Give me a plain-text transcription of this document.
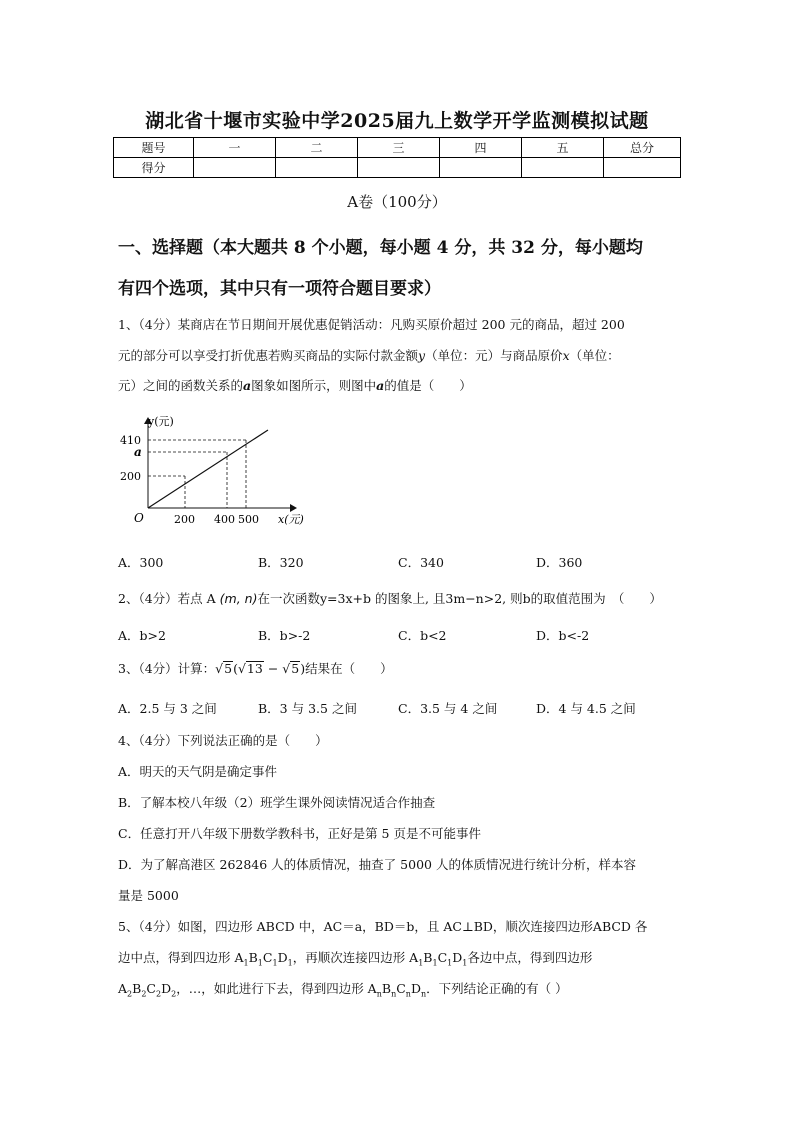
湖北省十堰市实验中学2025届九上数学开学监测模拟试题
题号	一	二	三	四	五	总分
得分						
A卷（100分）
一、选择题（本大题共 8 个小题，每小题 4 分，共 32 分，每小题均
有四个选项，其中只有一项符合题目要求）
1、（4分）某商店在节日期间开展优惠促销活动：凡购买原价超过 200 元的商品，超过 200
元的部分可以享受打折优惠若购买商品的实际付款金额y（单位：元）与商品原价x（单位：
元）之间的函数关系的a图象如图所示，则图中a的值是（　　）
y(元)
410
a
200
O	200 400 500 x(元)
A．300	B．320	C．340	D．360
2、（4分）若点 A (m, n)在一次函数y=3x+b 的图象上, 且3m−n>2, 则b的取值范围为　（　　）
A．b>2	B．b>-2	C．b<2	D．b<-2
3、（4分）计算：√5(√13 − √5)结果在（　　）
A．2.5 与 3 之间	B．3 与 3.5 之间	C．3.5 与 4 之间	D．4 与 4.5 之间
4、（4分）下列说法正确的是（　　）
A．明天的天气阴是确定事件
B．了解本校八年级（2）班学生课外阅读情况适合作抽查
C．任意打开八年级下册数学教科书，正好是第 5 页是不可能事件
D．为了解高港区 262846 人的体质情况，抽查了 5000 人的体质情况进行统计分析，样本容
量是 5000
5、（4分）如图，四边形 ABCD 中，AC＝a，BD＝b，且 AC⊥BD，顺次连接四边形ABCD 各
边中点，得到四边形 $A_1B_1C_1D_1$，再顺次连接四边形 $A_1B_1C_1D_1$各边中点，得到四边形
$A_2B_2C_2D_2$，…，如此进行下去，得到四边形 $A_nB_nC_nD_n$．下列结论正确的有（ ）
